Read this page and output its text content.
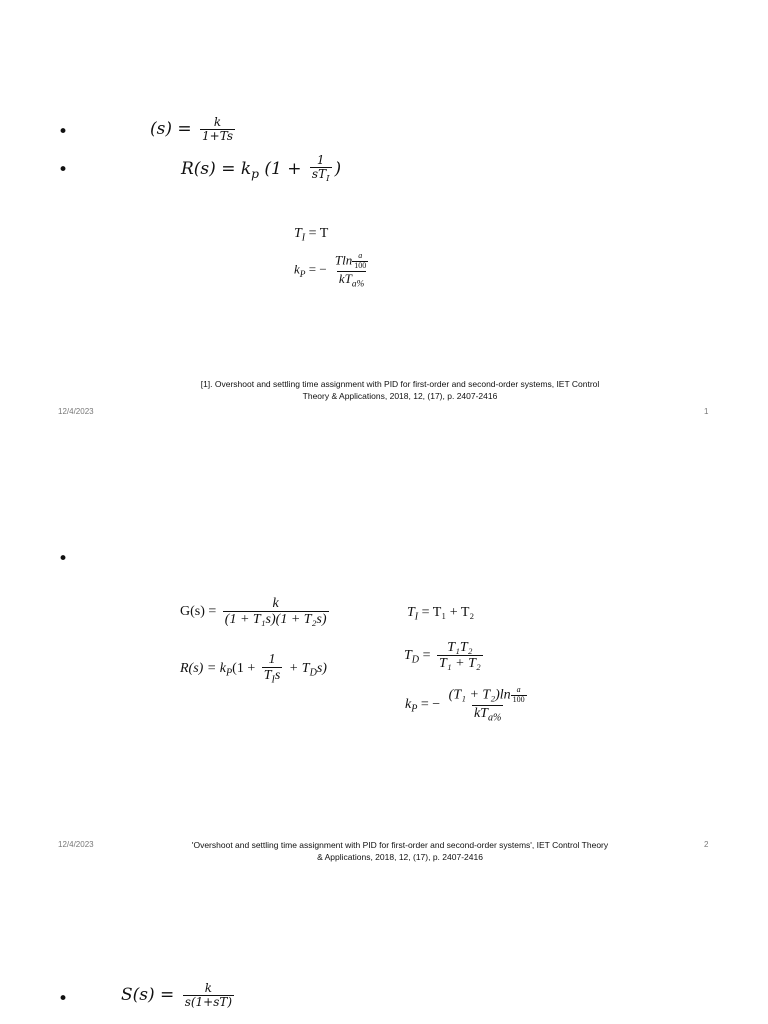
•	$(s) = \frac{k}{1+Ts}$
•	$R(s) = k_p$ ($1 + \frac{1}{sT_I}$ )
$T_I = T$
$k_P$ = − $\frac{Tln \frac{a}{100}}{kT_{a\%}}$
[1]. Overshoot and settling time assignment with PID for first-order and second-order systems, IET Control Theory & Applications, 2018, 12, (17), p. 2407-2416
12/4/2023	1
•
$G(s) = \frac{k}{\text{(1 + T₁s)(1 + T₂s)}}$
$R(s) = k_P(1 + \frac{1}{T_Is} + T_Ds)$
$T_I = T_1 + T_2$
$T_D = \frac{\text{T₁T₂}}{\text{T₁ + T₂}}$
$k_P$ = − $\frac{(T_1 + T_2)\ln \frac{a}{100}}{kT_{a\%}}$
'Overshoot and settling time assignment with PID for first-order and second-order systems', IET Control Theory & Applications, 2018, 12, (17), p. 2407-2416
12/4/2023	2
•	$S(s) = \frac{k}{s(1+sT)}$
